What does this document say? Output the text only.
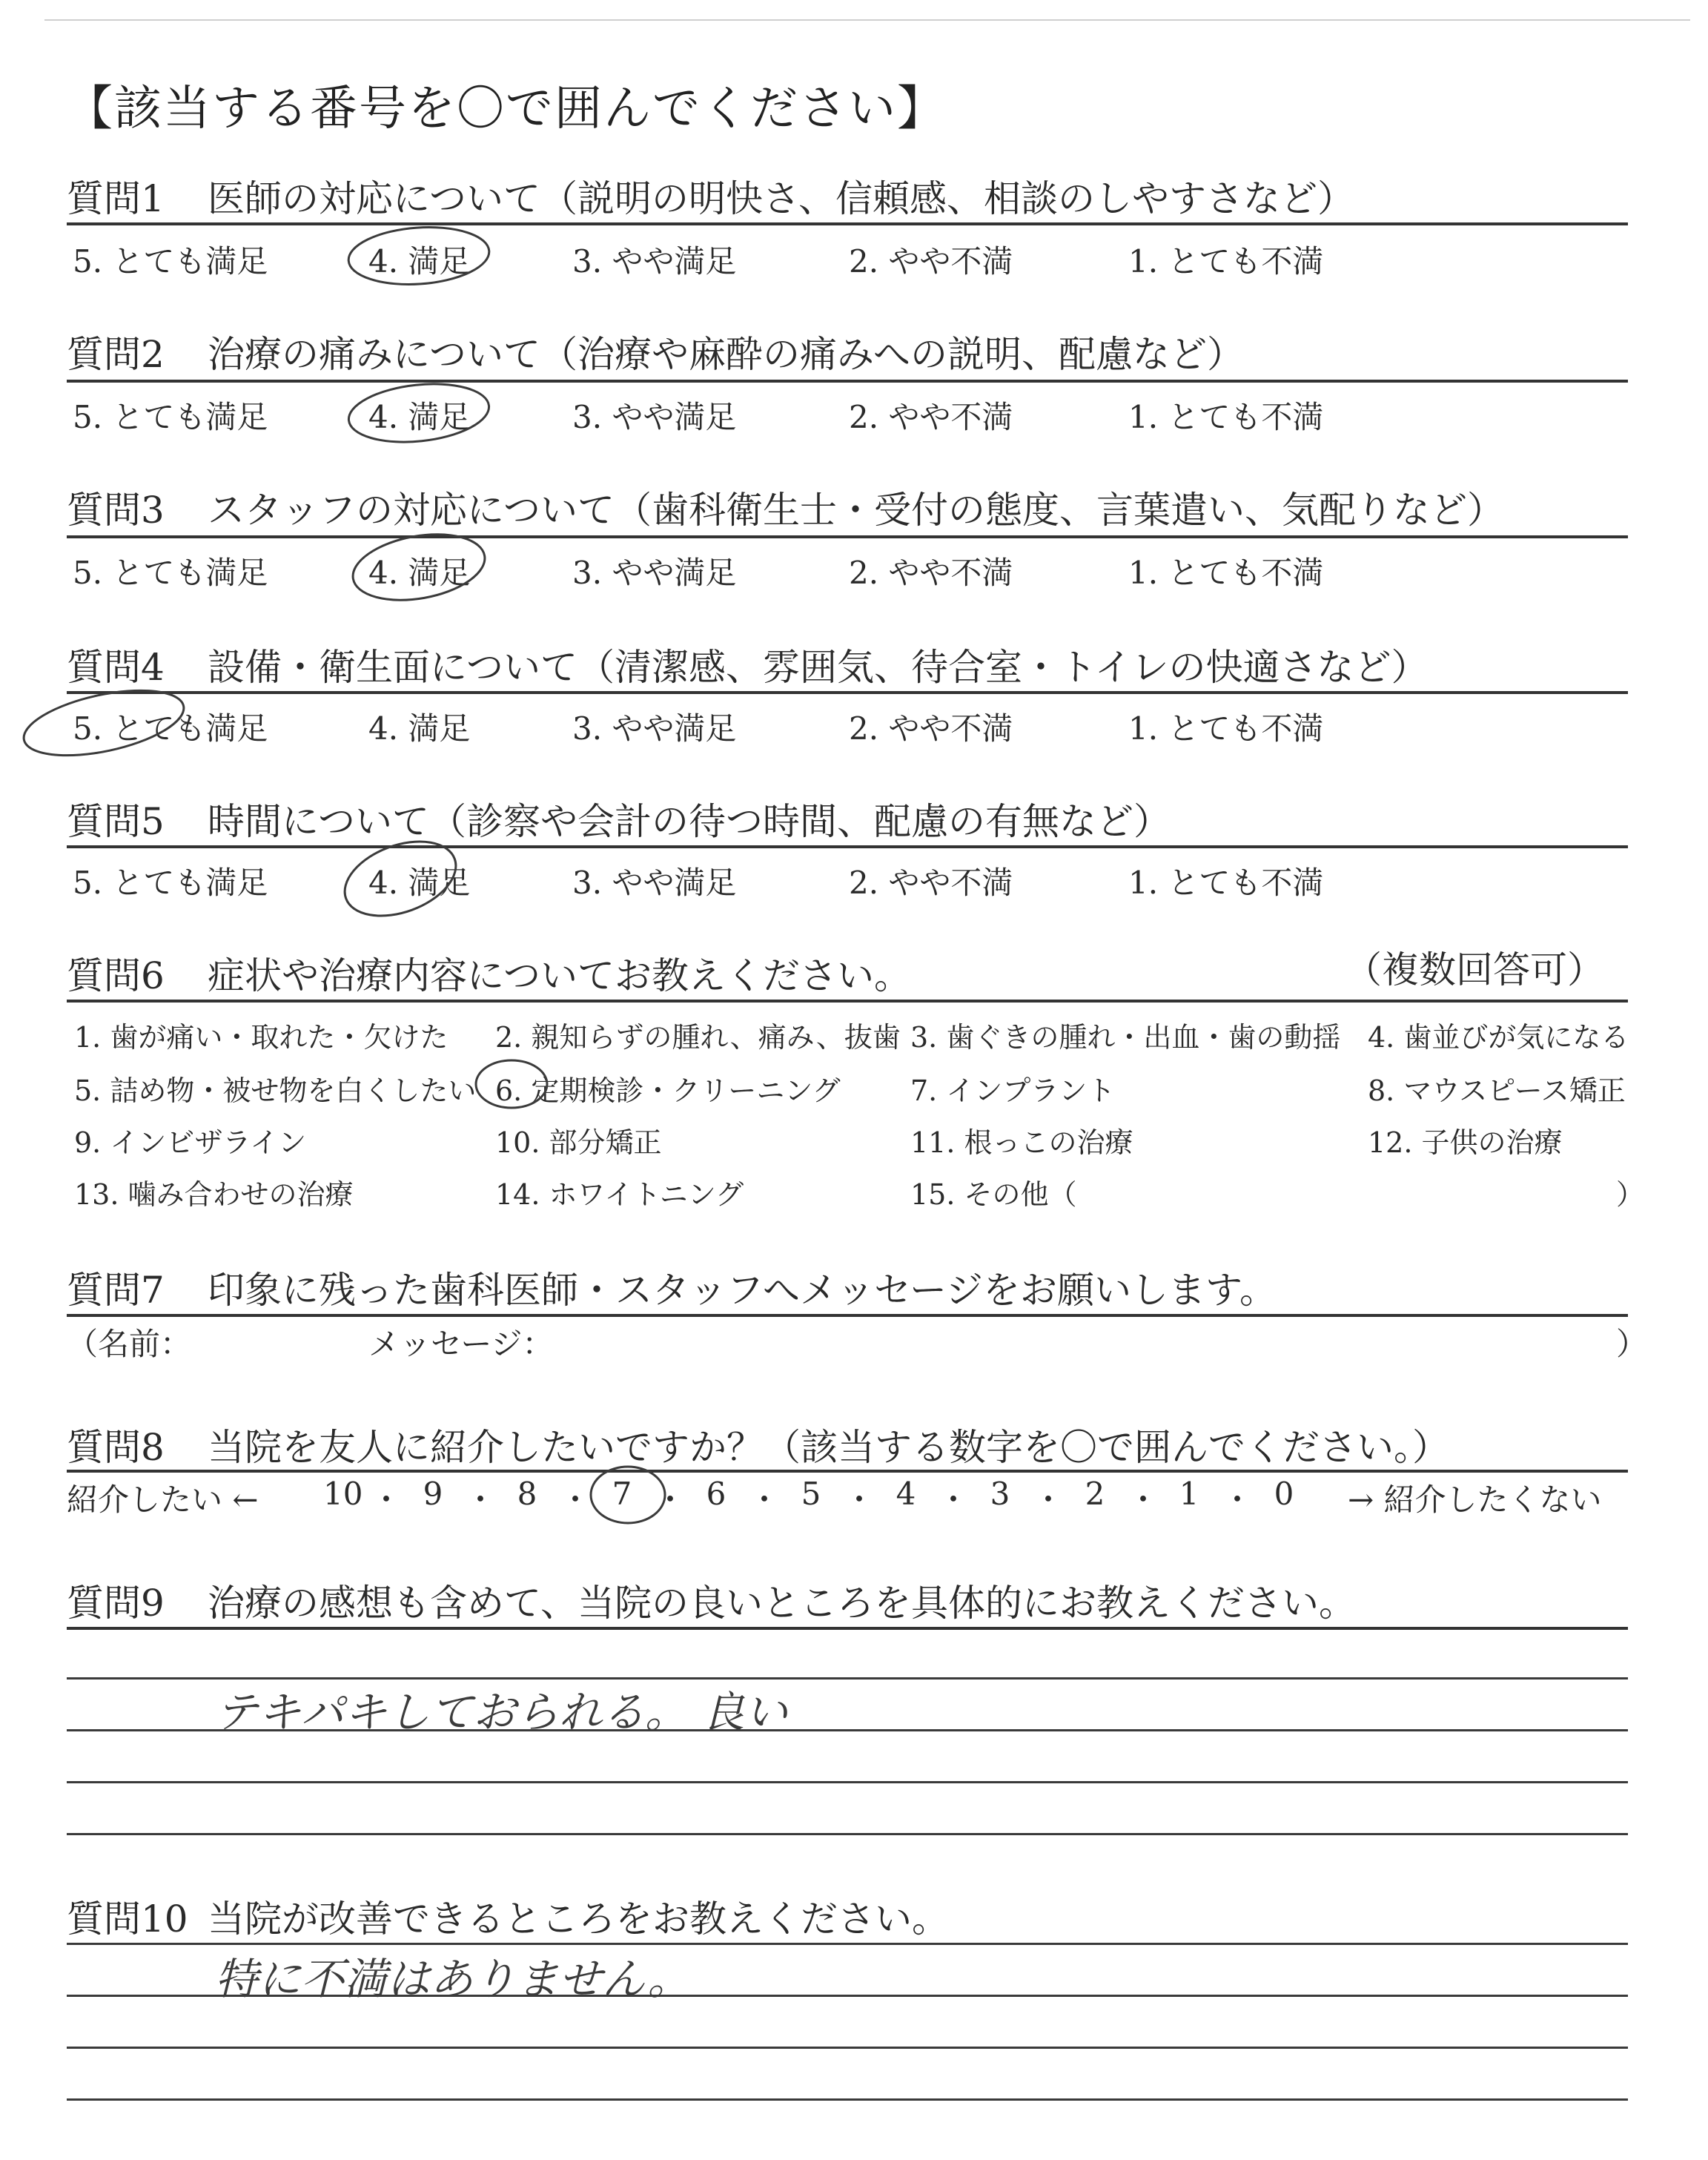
【該当する番号を〇で囲んでください】
質問1 医師の対応について（説明の明快さ、信頼感、相談のしやすさなど）
5. とても満足	4. 満足	3. やや満足	2. やや不満	1. とても不満
質問2 治療の痛みについて（治療や麻酔の痛みへの説明、配慮など）
5. とても満足	4. 満足	3. やや満足	2. やや不満	1. とても不満
質問3 スタッフの対応について（歯科衛生士・受付の態度、言葉遣い、気配りなど）
5. とても満足	4. 満足	3. やや満足	2. やや不満	1. とても不満
質問4 設備・衛生面について（清潔感、雰囲気、待合室・トイレの快適さなど）
5. とても満足	4. 満足	3. やや満足	2. やや不満	1. とても不満
質問5 時間について（診察や会計の待つ時間、配慮の有無など）
5. とても満足	4. 満足	3. やや満足	2. やや不満	1. とても不満
質問6 症状や治療内容についてお教えください。	（複数回答可）
1. 歯が痛い・取れた・欠けた 2. 親知らずの腫れ、痛み、抜歯 3. 歯ぐきの腫れ・出血・歯の動揺 4. 歯並びが気になる
5. 詰め物・被せ物を白くしたい 6. 定期検診・クリーニング 7. インプラント	8. マウスピース矯正
9. インビザライン	10. 部分矯正	11. 根っこの治療	12. 子供の治療
13. 噛み合わせの治療	14. ホワイトニング	15. その他（	）
質問7 印象に残った歯科医師・スタッフへメッセージをお願いします。
（名前：	メッセージ：	）
質問8 当院を友人に紹介したいですか？（該当する数字を〇で囲んでください。）
紹介したい ← 10 ・ 9 ・ 8 ・ 7 ・ 6 ・ 5 ・ 4 ・ 3 ・ 2 ・ 1 ・ 0 → 紹介したくない
質問9 治療の感想も含めて、当院の良いところを具体的にお教えください。
テキパキしておられる。 良い
質問10 当院が改善できるところをお教えください。
特に不満はありません。
